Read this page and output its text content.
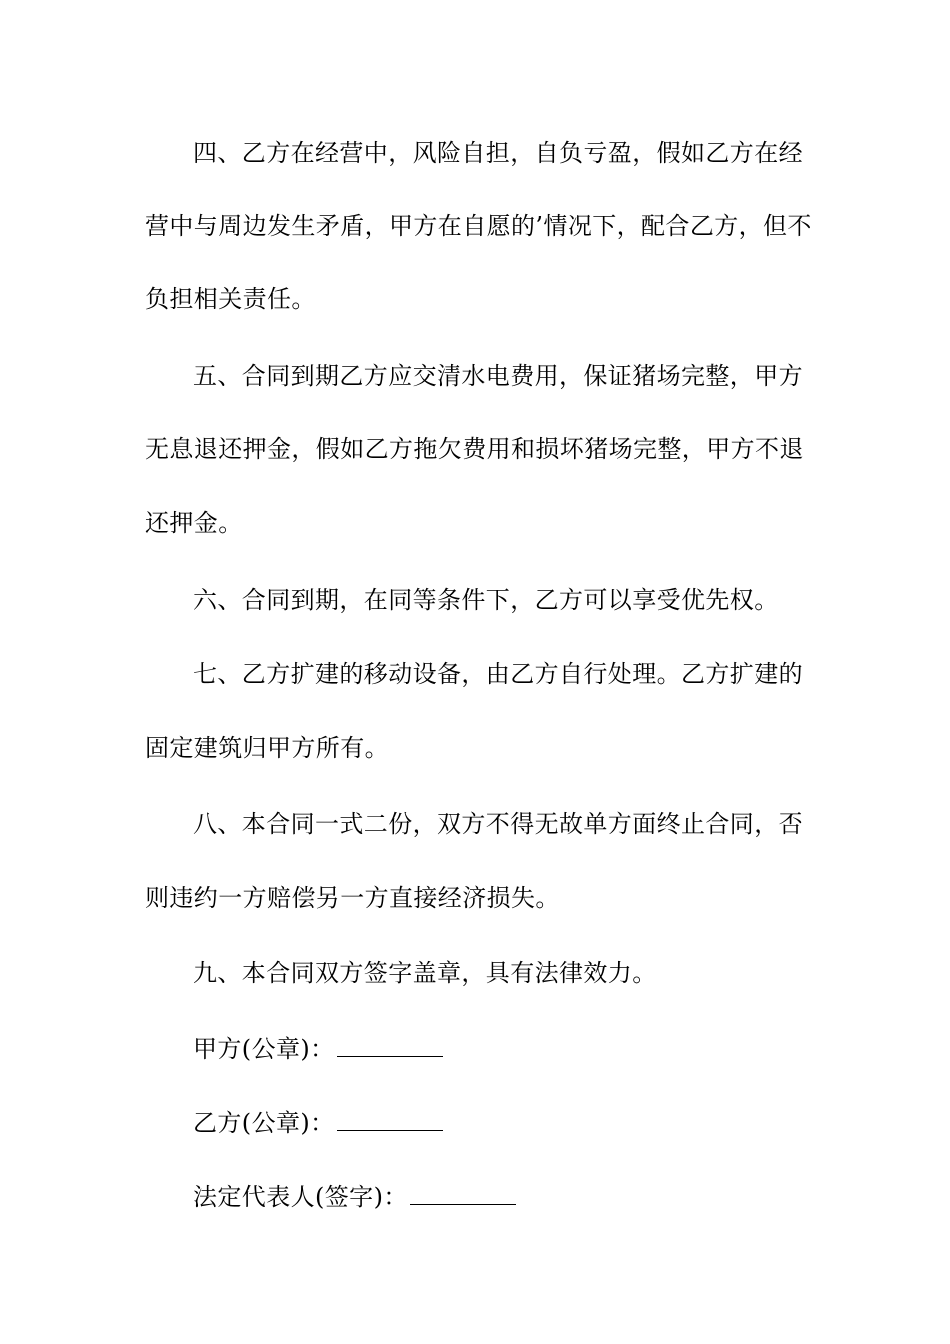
四、乙方在经营中，风险自担，自负亏盈，假如乙方在经
营中与周边发生矛盾，甲方在自愿的’情况下，配合乙方，但不
负担相关责任。
五、合同到期乙方应交清水电费用，保证猪场完整，甲方
无息退还押金，假如乙方拖欠费用和损坏猪场完整，甲方不退
还押金。
六、合同到期，在同等条件下，乙方可以享受优先权。
七、乙方扩建的移动设备，由乙方自行处理。乙方扩建的
固定建筑归甲方所有。
八、本合同一式二份，双方不得无故单方面终止合同，否
则违约一方赔偿另一方直接经济损失。
九、本合同双方签字盖章，具有法律效力。
甲方(公章)：
乙方(公章)：
法定代表人(签字)：
